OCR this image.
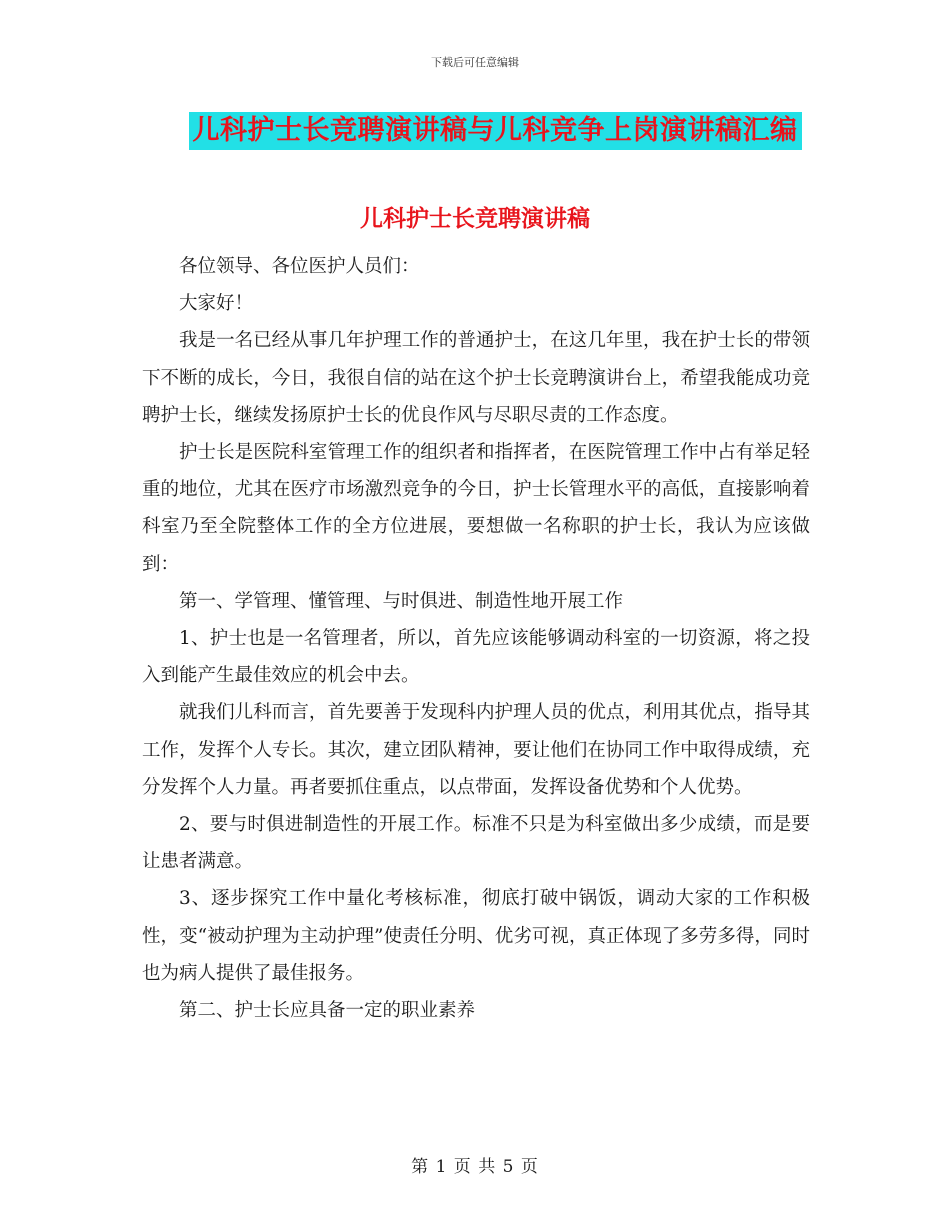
下载后可任意编辑
儿科护士长竞聘演讲稿与儿科竞争上岗演讲稿汇编
儿科护士长竞聘演讲稿

各位领导、各位医护人员们：

大家好！

我是一名已经从事几年护理工作的普通护士，在这几年里，我在护士长的带领下不断的成长，今日，我很自信的站在这个护士长竞聘演讲台上，希望我能成功竞聘护士长，继续发扬原护士长的优良作风与尽职尽责的工作态度。

护士长是医院科室管理工作的组织者和指挥者，在医院管理工作中占有举足轻重的地位，尤其在医疗市场激烈竞争的今日，护士长管理水平的高低，直接影响着科室乃至全院整体工作的全方位进展，要想做一名称职的护士长，我认为应该做到：

第一、学管理、懂管理、与时俱进、制造性地开展工作

1、护士也是一名管理者，所以，首先应该能够调动科室的一切资源，将之投入到能产生最佳效应的机会中去。

就我们儿科而言，首先要善于发现科内护理人员的优点，利用其优点，指导其工作，发挥个人专长。其次，建立团队精神，要让他们在协同工作中取得成绩，充分发挥个人力量。再者要抓住重点，以点带面，发挥设备优势和个人优势。

2、要与时俱进制造性的开展工作。标准不只是为科室做出多少成绩，而是要让患者满意。

3、逐步探究工作中量化考核标准，彻底打破中锅饭，调动大家的工作积极性，变“被动护理为主动护理”使责任分明、优劣可视，真正体现了多劳多得，同时也为病人提供了最佳报务。

第二、护士长应具备一定的职业素养

第 1 页 共 5 页
